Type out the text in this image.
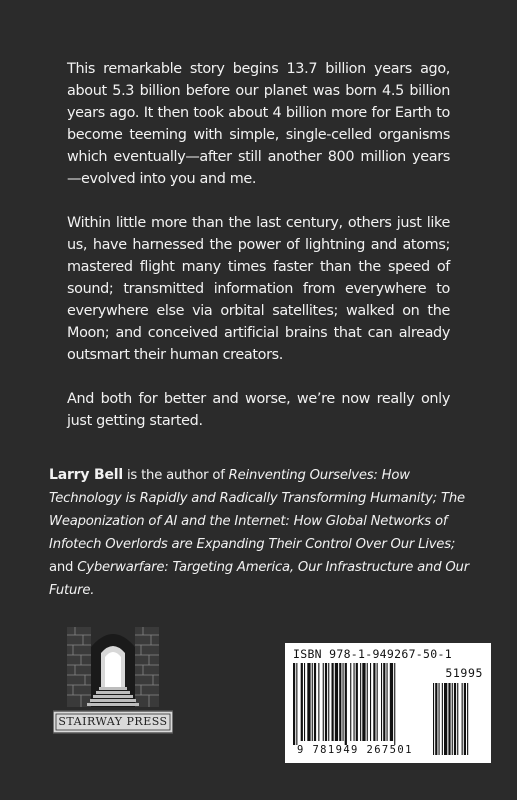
This remarkable story begins 13.7 billion years ago, about 5.3 billion before our planet was born 4.5 billion years ago. It then took about 4 billion more for Earth to become teeming with simple, single-celled organisms which eventually—after still another 800 million years—evolved into you and me.

Within little more than the last century, others just like us, have harnessed the power of lightning and atoms; mastered flight many times faster than the speed of sound; transmitted information from everywhere to everywhere else via orbital satellites; walked on the Moon; and conceived artificial brains that can already outsmart their human creators.

And both for better and worse, we’re now really only just getting started.

Larry Bell is the author of Reinventing Ourselves: How Technology is Rapidly and Radically Transforming Humanity; The Weaponization of AI and the Internet: How Global Networks of Infotech Overlords are Expanding Their Control Over Our Lives; and Cyberwarfare: Targeting America, Our Infrastructure and Our Future.
STAIRWAY PRESS
ISBN 978-1-949267-50-1
51995
9 781949 267501
